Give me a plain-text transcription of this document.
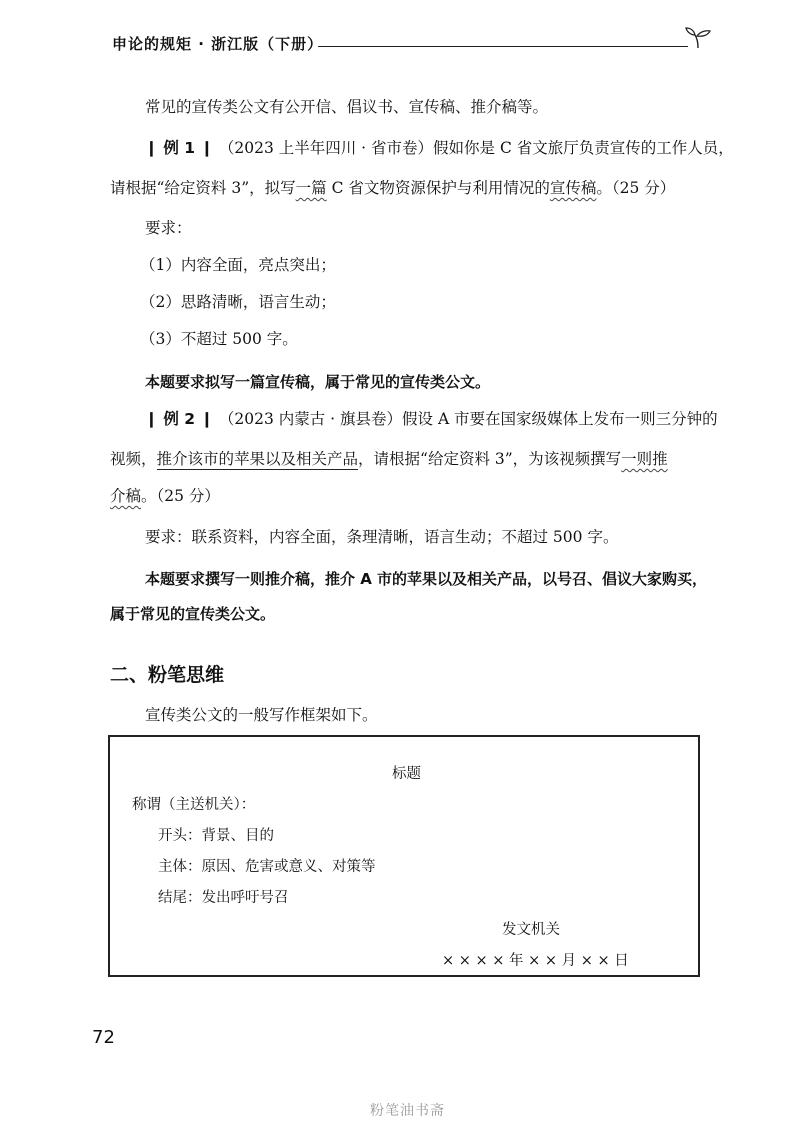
申论的规矩 · 浙江版（下册）
常见的宣传类公文有公开信、倡议书、宣传稿、推介稿等。
❙ 例 1 ❙ （2023 上半年四川 · 省市卷）假如你是 C 省文旅厅负责宣传的工作人员，
请根据“给定资料 3”，拟写一篇 C 省文物资源保护与利用情况的宣传稿。（25 分）
要求：
（1）内容全面，亮点突出；
（2）思路清晰，语言生动；
（3）不超过 500 字。
本题要求拟写一篇宣传稿，属于常见的宣传类公文。
❙ 例 2 ❙ （2023 内蒙古 · 旗县卷）假设 A 市要在国家级媒体上发布一则三分钟的
视频，推介该市的苹果以及相关产品，请根据“给定资料 3”，为该视频撰写一则推
介稿。（25 分）
要求：联系资料，内容全面，条理清晰，语言生动；不超过 500 字。
本题要求撰写一则推介稿，推介 A 市的苹果以及相关产品，以号召、倡议大家购买，
属于常见的宣传类公文。
二、粉笔思维
宣传类公文的一般写作框架如下。
标题
称谓（主送机关）：
开头：背景、目的
主体：原因、危害或意义、对策等
结尾：发出呼吁号召
发文机关
× × × × 年 × × 月 × × 日
72
粉笔油书斋
